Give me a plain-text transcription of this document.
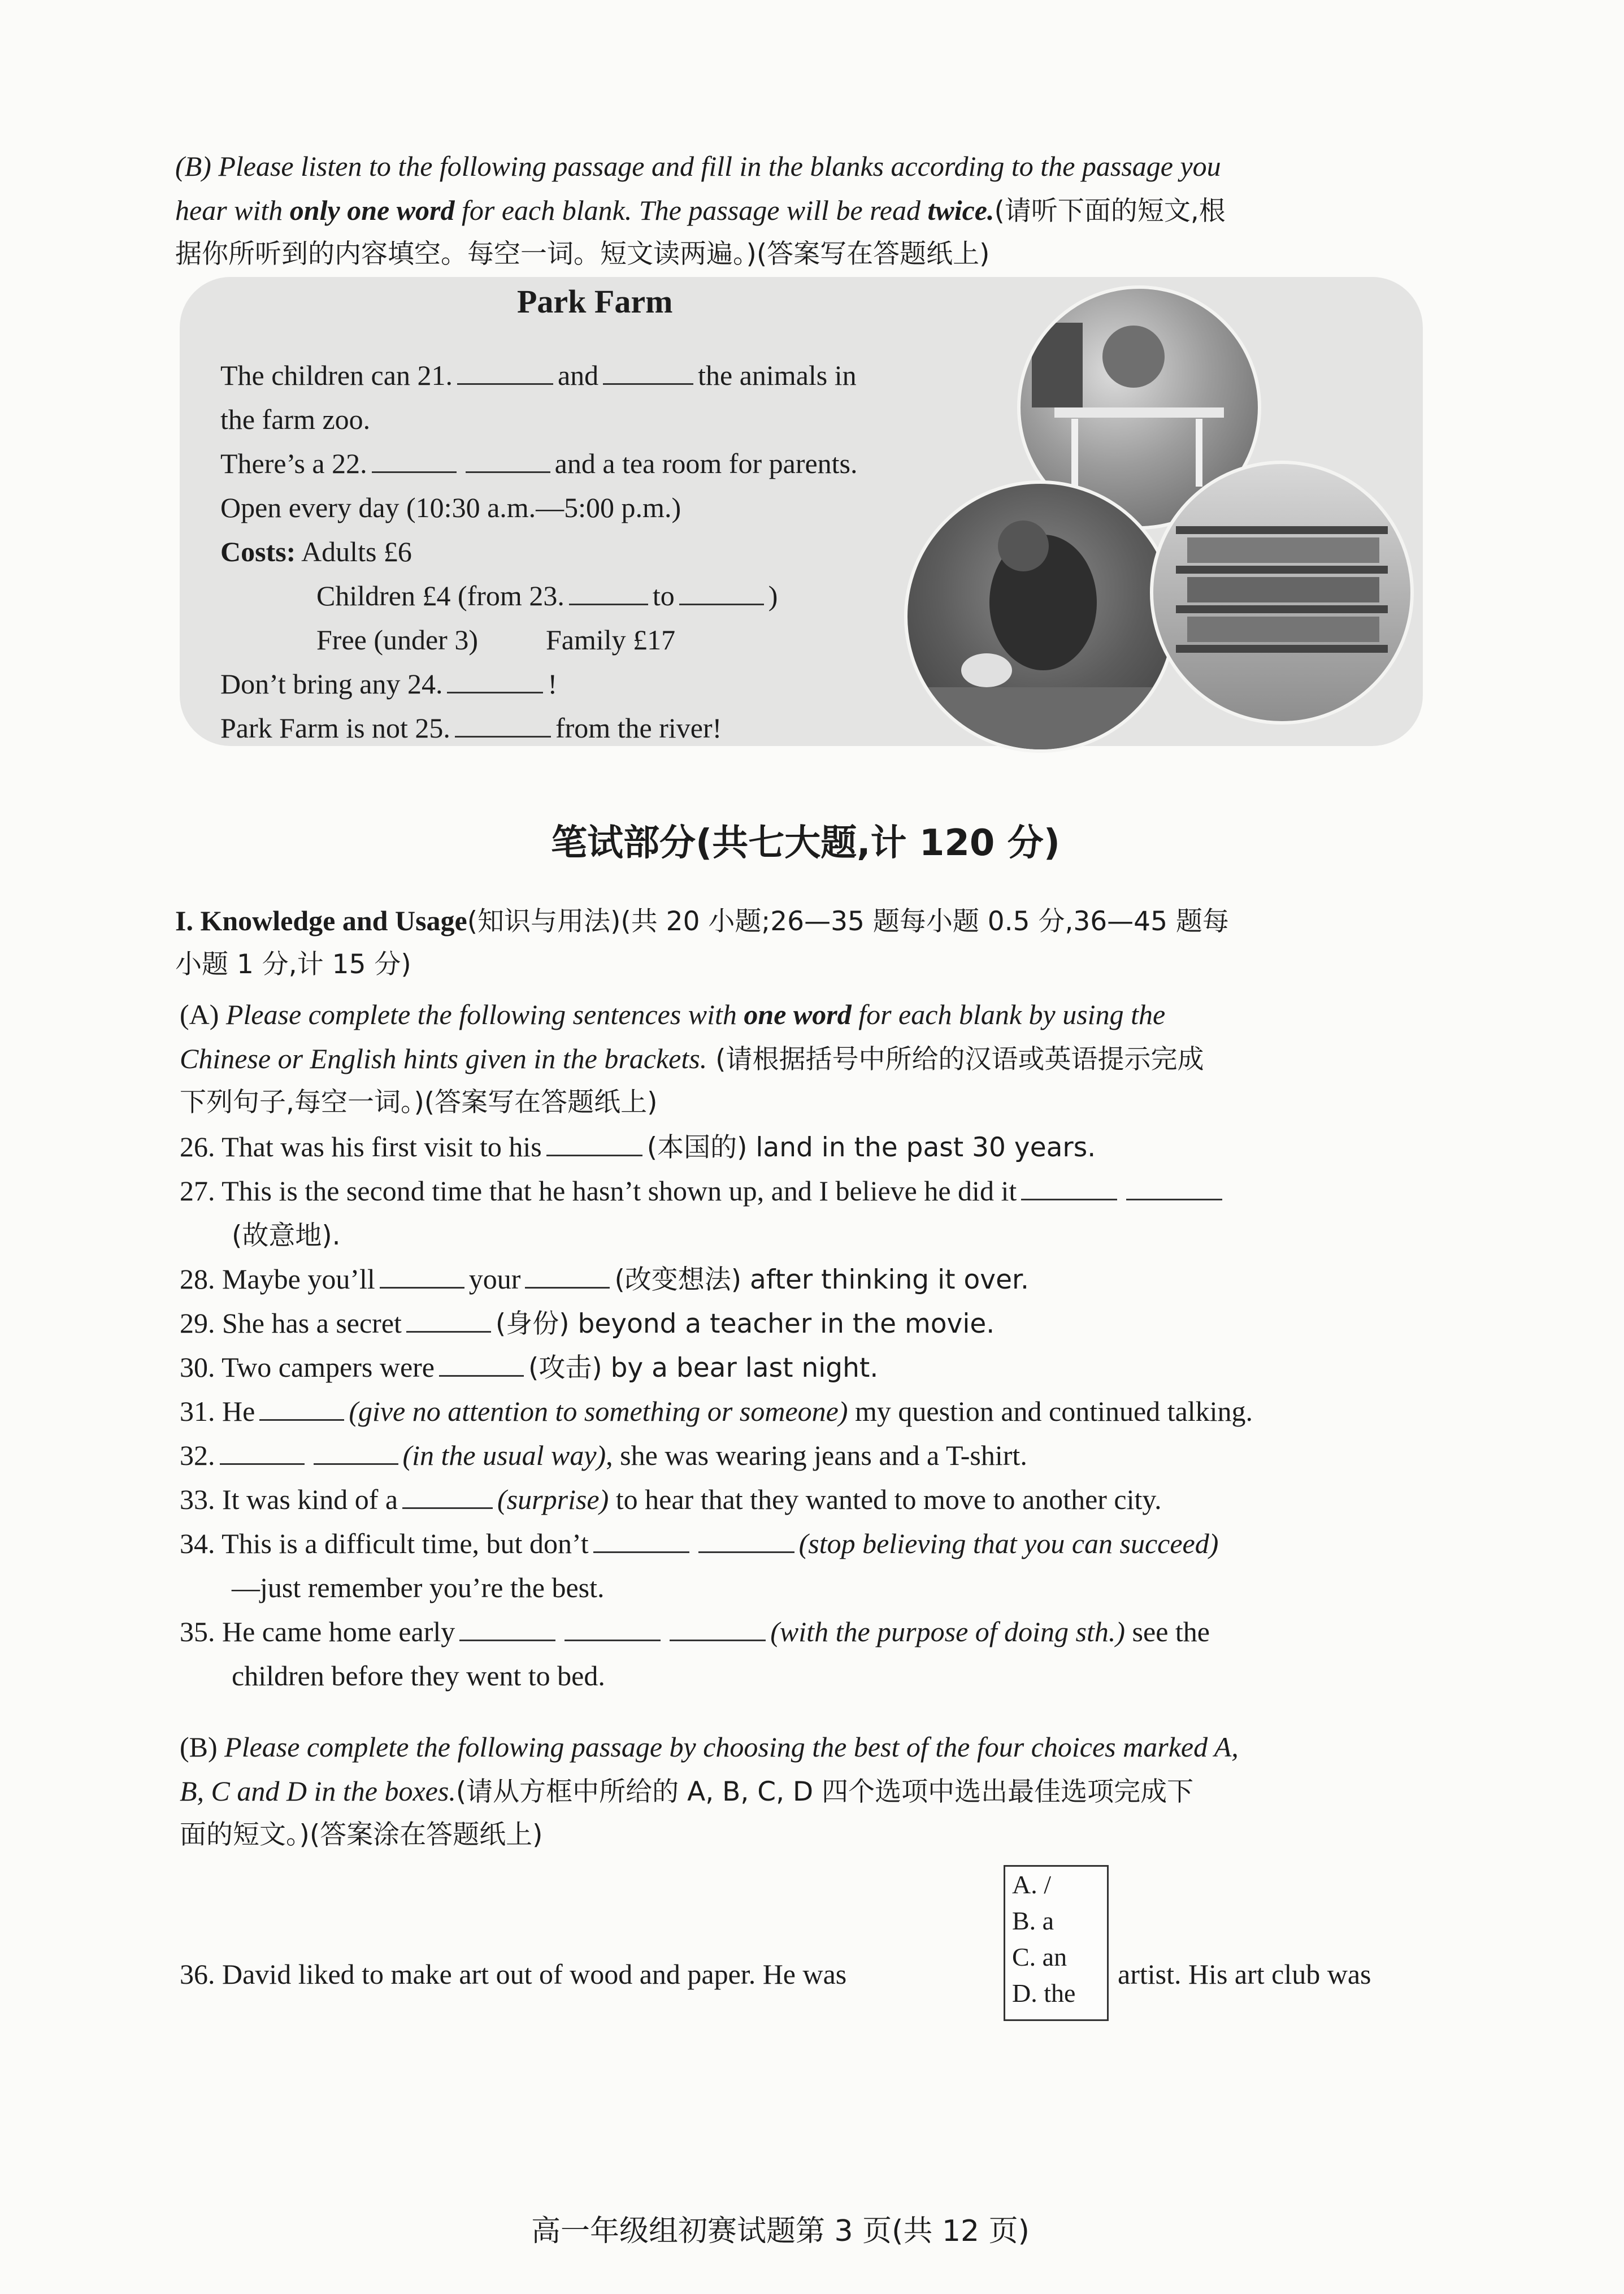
(B) Please listen to the following passage and fill in the blanks according to the passage you
hear with only one word for each blank. The passage will be read twice.(请听下面的短文,根
据你所听到的内容填空。每空一词。短文读两遍。)(答案写在答题纸上)
Park Farm
The children can 21.	and	the animals in
the farm zoo.
There’s a 22.	and a tea room for parents.
Open every day (10:30 a.m.—5:00 p.m.)
Costs: Adults £6
Children £4 (from 23.	to	)
Free (under 3) Family £17
Don’t bring any 24.	!
Park Farm is not 25.	from the river!
笔试部分(共七大题,计 120 分)
I. Knowledge and Usage(知识与用法)(共 20 小题;26—35 题每小题 0.5 分,36—45 题每
小题 1 分,计 15 分)
(A) Please complete the following sentences with one word for each blank by using the
Chinese or English hints given in the brackets. (请根据括号中所给的汉语或英语提示完成
下列句子,每空一词。)(答案写在答题纸上)
26. That was his first visit to his	(本国的) land in the past 30 years.
27. This is the second time that he hasn’t shown up, and I believe he did it
(故意地).
28. Maybe you’ll	your	(改变想法) after thinking it over.
29. She has a secret	(身份) beyond a teacher in the movie.
30. Two campers were	(攻击) by a bear last night.
31. He	(give no attention to something or someone) my question and continued talking.
32.	(in the usual way), she was wearing jeans and a T-shirt.
33. It was kind of a	(surprise) to hear that they wanted to move to another city.
34. This is a difficult time, but don’t	(stop believing that you can succeed)
—just remember you’re the best.
35. He came home early	(with the purpose of doing sth.) see the
children before they went to bed.
(B) Please complete the following passage by choosing the best of the four choices marked A,
B, C and D in the boxes.(请从方框中所给的 A, B, C, D 四个选项中选出最佳选项完成下
面的短文。)(答案涂在答题纸上)
A. /
B. a
C. an
D. the
36. David liked to make art out of wood and paper. He was	artist. His art club was
高一年级组初赛试题第 3 页(共 12 页)
